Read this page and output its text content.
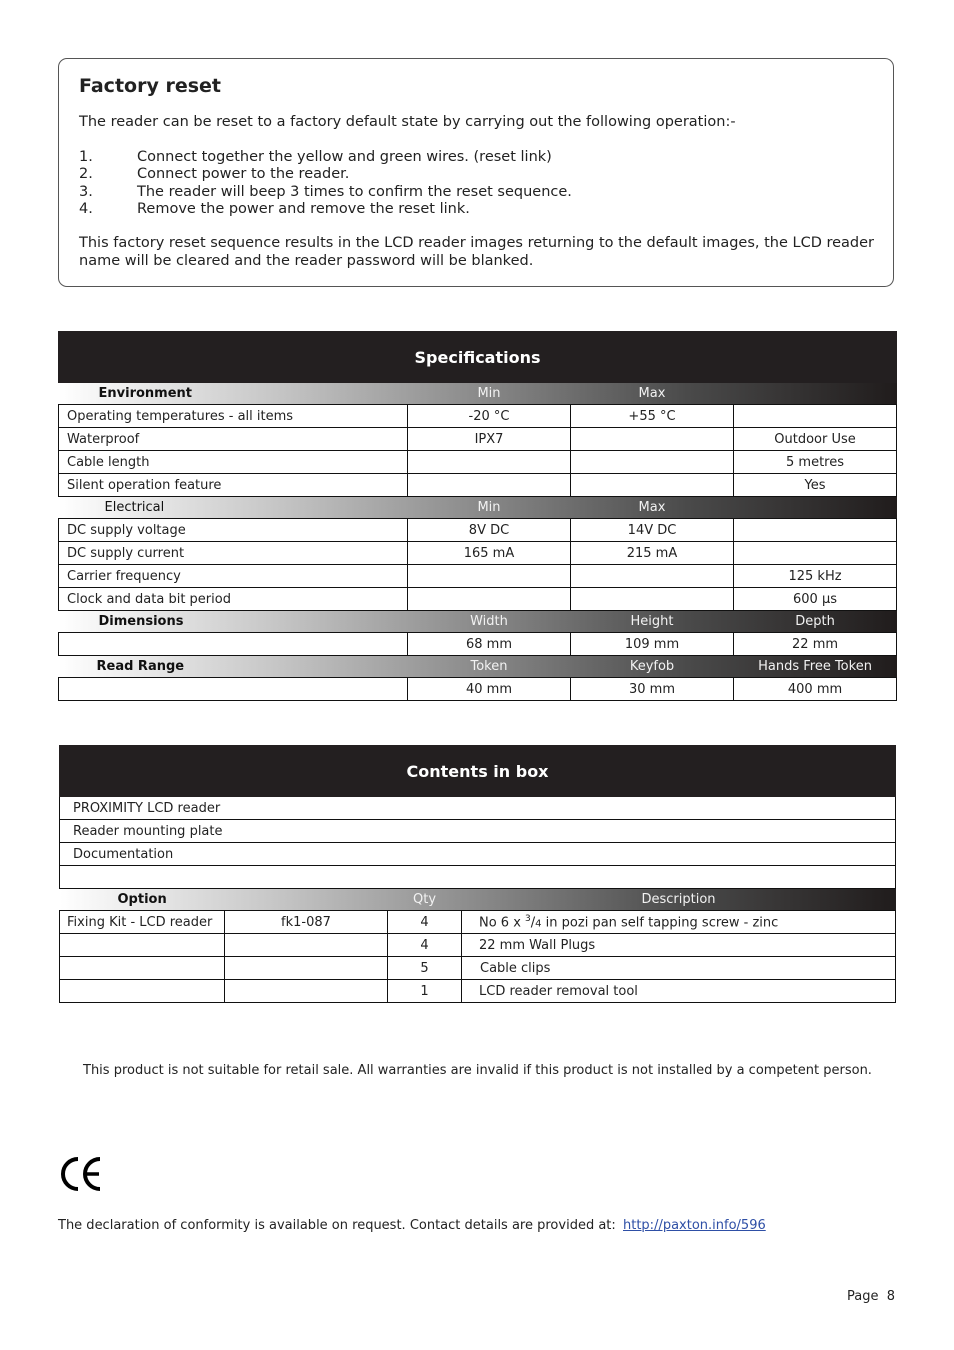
Factory reset
The reader can be reset to a factory default state by carrying out the following operation:-
1.	Connect together the yellow and green wires. (reset link)
2.	Connect power to the reader.
3.	The reader will beep 3 times to confirm the reset sequence.
4.	Remove the power and remove the reset link.
This factory reset sequence results in the LCD reader images returning to the default images, the LCD reader name will be cleared and the reader password will be blanked.
Specifications			
Environment	Min	Max	
Operating temperatures - all items	-20 °C	+55 °C	
Waterproof	IPX7		Outdoor Use
Cable length			5 metres
Silent operation feature			Yes
Electrical	Min	Max	
DC supply voltage	8V DC	14V DC	
DC supply current	165 mA	215 mA	
Carrier frequency			125 kHz
Clock and data bit period			600 µs
Dimensions	Width	Height	Depth
	68 mm	109 mm	22 mm
Read Range	Token	Keyfob	Hands Free Token
	40 mm	30 mm	400 mm
Contents in box			
PROXIMITY LCD reader			
Reader mounting plate			
Documentation			

Option		Qty	Description
Fixing Kit - LCD reader	fk1-087	4	No 6 x $^3$/4 in pozi pan self tapping screw - zinc
		4	22 mm Wall Plugs
		5	Cable clips
		1	LCD reader removal tool
This product is not suitable for retail sale. All warranties are invalid if this product is not installed by a competent person.
The declaration of conformity is available on request. Contact details are provided at: http://paxton.info/596
Page  8
